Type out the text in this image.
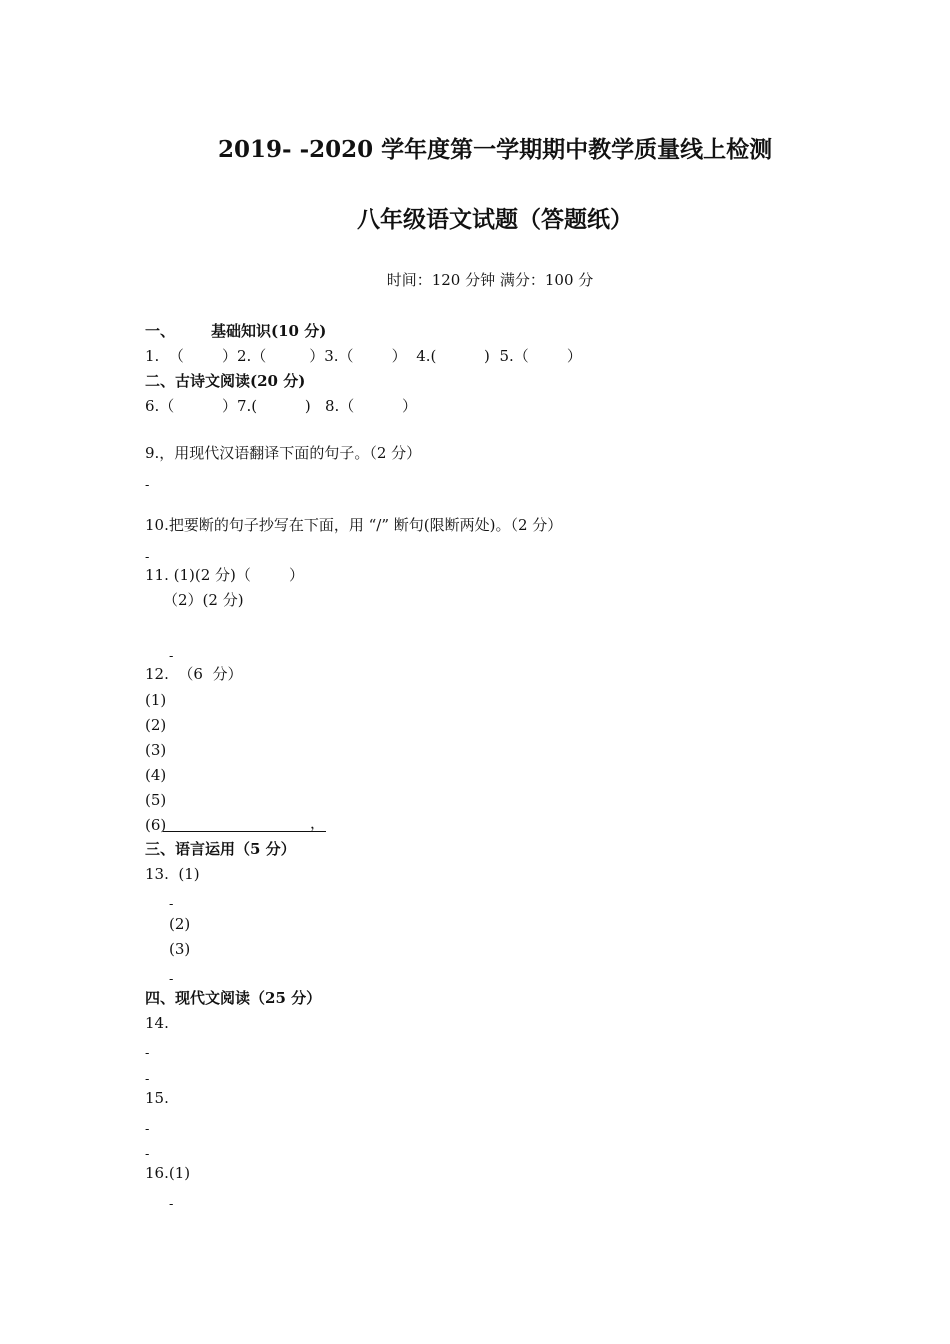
2019- -2020 学年度第一学期期中教学质量线上检测
八年级语文试题（答题纸）
时间：120 分钟 满分：100 分
一、 基础知识(10 分)
1.  （        ）2.（         ）3.（        ）  4.(          )  5.（        ）
二、古诗文阅读(20 分)
6.（          ）7.(          )   8.（          ）
9.，用现代汉语翻译下面的句子。（2 分）
-
10.把要断的句子抄写在下面，用 “/” 断句(限断两处)。（2 分）
-
11. (1)(2 分)（        ）
（2）(2 分)
-
12.  （6  分）
(1)
(2)
(3)
(4)
(5)
(6)	，
三、语言运用（5 分）
13.  (1)
-
(2)
(3)
-
四、现代文阅读（25 分）
14.
-
-
15.
-
-
16.(1)
-
